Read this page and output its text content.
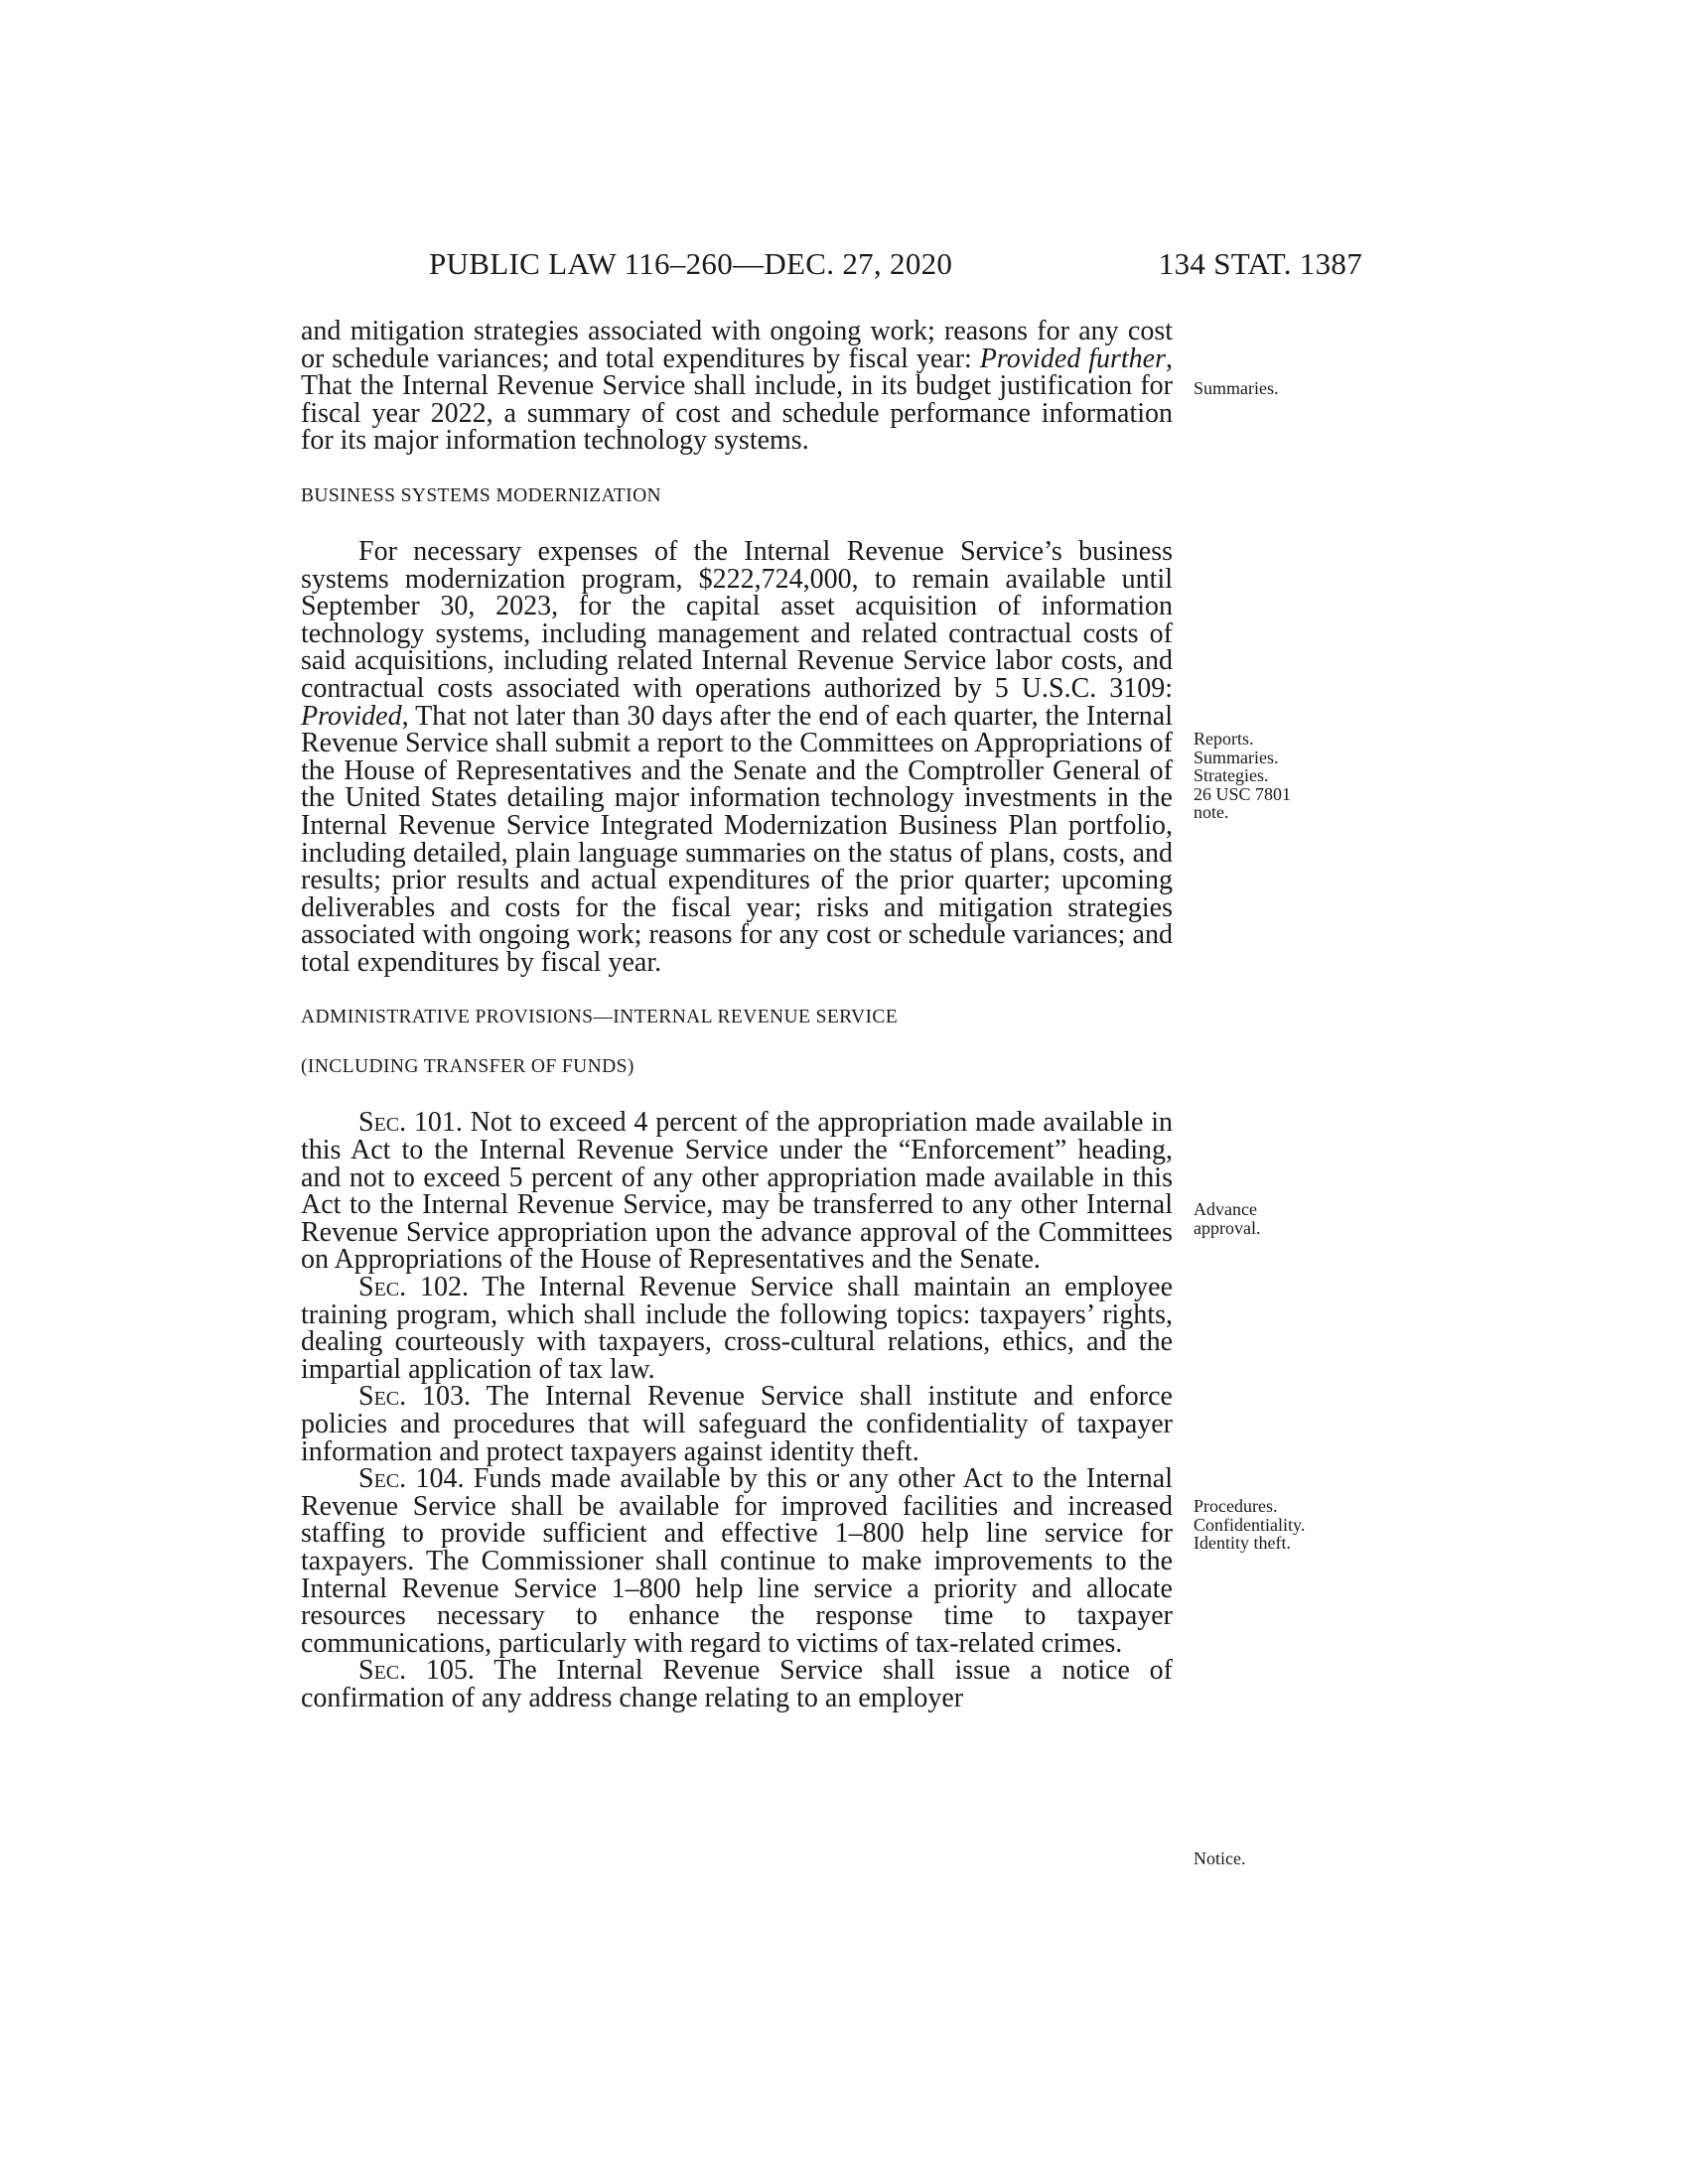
PUBLIC LAW 116–260—DEC. 27, 2020	134 STAT. 1387

and mitigation strategies associated with ongoing work; reasons for any cost or schedule variances; and total expenditures by fiscal year: Provided further, That the Internal Revenue Service shall include, in its budget justification for fiscal year 2022, a summary of cost and schedule performance information for its major information technology systems.

BUSINESS SYSTEMS MODERNIZATION

For necessary expenses of the Internal Revenue Service’s business systems modernization program, $222,724,000, to remain available until September 30, 2023, for the capital asset acquisition of information technology systems, including management and related contractual costs of said acquisitions, including related Internal Revenue Service labor costs, and contractual costs associated with operations authorized by 5 U.S.C. 3109: Provided, That not later than 30 days after the end of each quarter, the Internal Revenue Service shall submit a report to the Committees on Appropriations of the House of Representatives and the Senate and the Comptroller General of the United States detailing major information technology investments in the Internal Revenue Service Integrated Modernization Business Plan portfolio, including detailed, plain language summaries on the status of plans, costs, and results; prior results and actual expenditures of the prior quarter; upcoming deliverables and costs for the fiscal year; risks and mitigation strategies associated with ongoing work; reasons for any cost or schedule variances; and total expenditures by fiscal year.

ADMINISTRATIVE PROVISIONS—INTERNAL REVENUE SERVICE

(INCLUDING TRANSFER OF FUNDS)

Sec. 101. Not to exceed 4 percent of the appropriation made available in this Act to the Internal Revenue Service under the “Enforcement” heading, and not to exceed 5 percent of any other appropriation made available in this Act to the Internal Revenue Service, may be transferred to any other Internal Revenue Service appropriation upon the advance approval of the Committees on Appropriations of the House of Representatives and the Senate.

Sec. 102. The Internal Revenue Service shall maintain an employee training program, which shall include the following topics: taxpayers’ rights, dealing courteously with taxpayers, cross-cultural relations, ethics, and the impartial application of tax law.

Sec. 103. The Internal Revenue Service shall institute and enforce policies and procedures that will safeguard the confidentiality of taxpayer information and protect taxpayers against identity theft.

Sec. 104. Funds made available by this or any other Act to the Internal Revenue Service shall be available for improved facilities and increased staffing to provide sufficient and effective 1–800 help line service for taxpayers. The Commissioner shall continue to make improvements to the Internal Revenue Service 1–800 help line service a priority and allocate resources necessary to enhance the response time to taxpayer communications, particularly with regard to victims of tax-related crimes.

Sec. 105. The Internal Revenue Service shall issue a notice of confirmation of any address change relating to an employer

Summaries.
Reports.
Summaries.
Strategies.
26 USC 7801
note.
Advance
approval.
Procedures.
Confidentiality.
Identity theft.
Notice.
